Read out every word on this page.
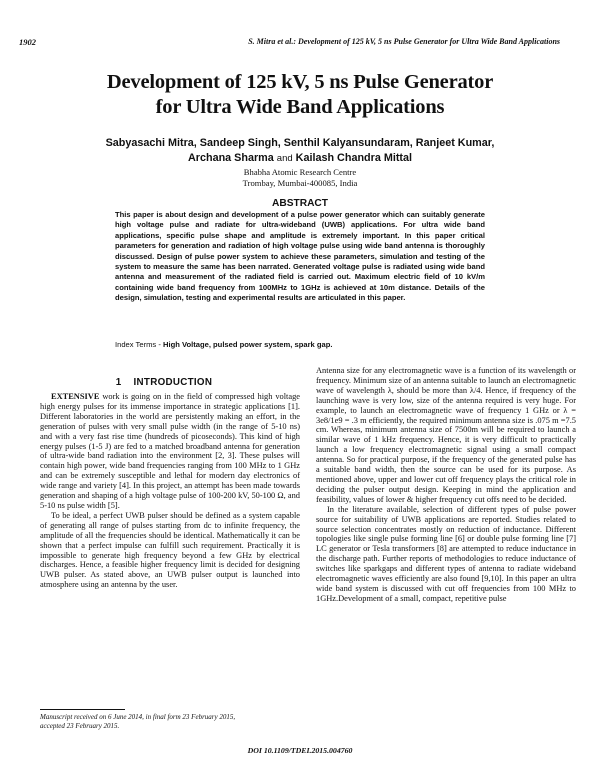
1902	S. Mitra et al.: Development of 125 kV, 5 ns Pulse Generator for Ultra Wide Band Applications
Development of 125 kV, 5 ns Pulse Generator
for Ultra Wide Band Applications
Sabyasachi Mitra, Sandeep Singh, Senthil Kalyansundaram, Ranjeet Kumar,
Archana Sharma and Kailash Chandra Mittal
Bhabha Atomic Research Centre
Trombay, Mumbai-400085, India
ABSTRACT
This paper is about design and development of a pulse power generator which can suitably generate high voltage pulse and radiate for ultra-wideband (UWB) applications. For ultra wide band applications, specific pulse shape and amplitude is extremely important. In this paper critical parameters for generation and radiation of high voltage pulse using wide band antenna is thoroughly discussed. Design of pulse power system to achieve these parameters, simulation and testing of the system to measure the same has been narrated. Generated voltage pulse is radiated using wide band antenna and measurement of the radiated field is carried out. Maximum electric field of 10 kV/m containing wide band frequency from 100MHz to 1GHz is achieved at 10m distance. Details of the design, simulation, testing and experimental results are articulated in this paper.
Index Terms - High Voltage, pulsed power system, spark gap.
1 INTRODUCTION

EXTENSIVE work is going on in the field of compressed high voltage high energy pulses for its immense importance in strategic applications [1]. Different laboratories in the world are persistently making an effort, in the generation of pulses with very small pulse width (in the range of 5-10 ns) and with a very fast rise time (hundreds of picoseconds). This kind of high energy pulses (1-5 J) are fed to a matched broadband antenna for generation of ultra-wide band radiation into the environment [2, 3]. These pulses will contain high power, wide band frequencies ranging from 100 MHz to 1 GHz and can be extremely susceptible and lethal for modern day electronics of wide range and variety [4]. In this project, an attempt has been made towards generation and shaping of a high voltage pulse of 100-200 kV, 50-100 Ω, and 5-10 ns pulse width [5].

To be ideal, a perfect UWB pulser should be defined as a system capable of generating all range of pulses starting from dc to infinite frequency, the amplitude of all the frequencies should be identical. Mathematically it can be shown that a perfect impulse can fulfill such requirement. Practically it is impossible to generate high frequency beyond a few GHz by electrical discharges. Hence, a feasible higher frequency limit is decided for designing UWB pulser. As stated above, an UWB pulser output is launched into atmosphere using an antenna by the user.

Antenna size for any electromagnetic wave is a function of its wavelength or frequency. Minimum size of an antenna suitable to launch an electromagnetic wave of wavelength λ, should be more than λ/4. Hence, if frequency of the launching wave is very low, size of the antenna required is very huge. For example, to launch an electromagnetic wave of frequency 1 GHz or λ = 3e8/1e9 = .3 m efficiently, the required minimum antenna size is .075 m =7.5 cm. Whereas, minimum antenna size of 7500m will be required to launch a similar wave of 1 kHz frequency. Hence, it is very difficult to practically launch a low frequency electromagnetic signal using a small compact antenna. So for practical purpose, if the frequency of the generated pulse has a suitable band width, then the source can be used for its purpose. As mentioned above, upper and lower cut off frequency plays the critical role in deciding the pulser output design. Keeping in mind the application and feasibility, values of lower & higher frequency cut offs need to be decided.

In the literature available, selection of different types of pulse power source for suitability of UWB applications are reported. Studies related to source selection concentrates mostly on reduction of inductance. Different topologies like single pulse forming line [6] or double pulse forming line [7] LC generator or Tesla transformers [8] are attempted to reduce inductance in the discharge path. Further reports of methodologies to reduce inductance of switches like sparkgaps and different types of antenna to radiate wideband electromagnetic waves efficiently are also found [9,10]. In this paper an ultra wide band system is discussed with cut off frequencies from 100 MHz to 1GHz.Development of a small, compact, repetitive pulse

Manuscript received on 6 June 2014, in final form 23 February 2015,
accepted 23 February 2015.
DOI 10.1109/TDEI.2015.004760
